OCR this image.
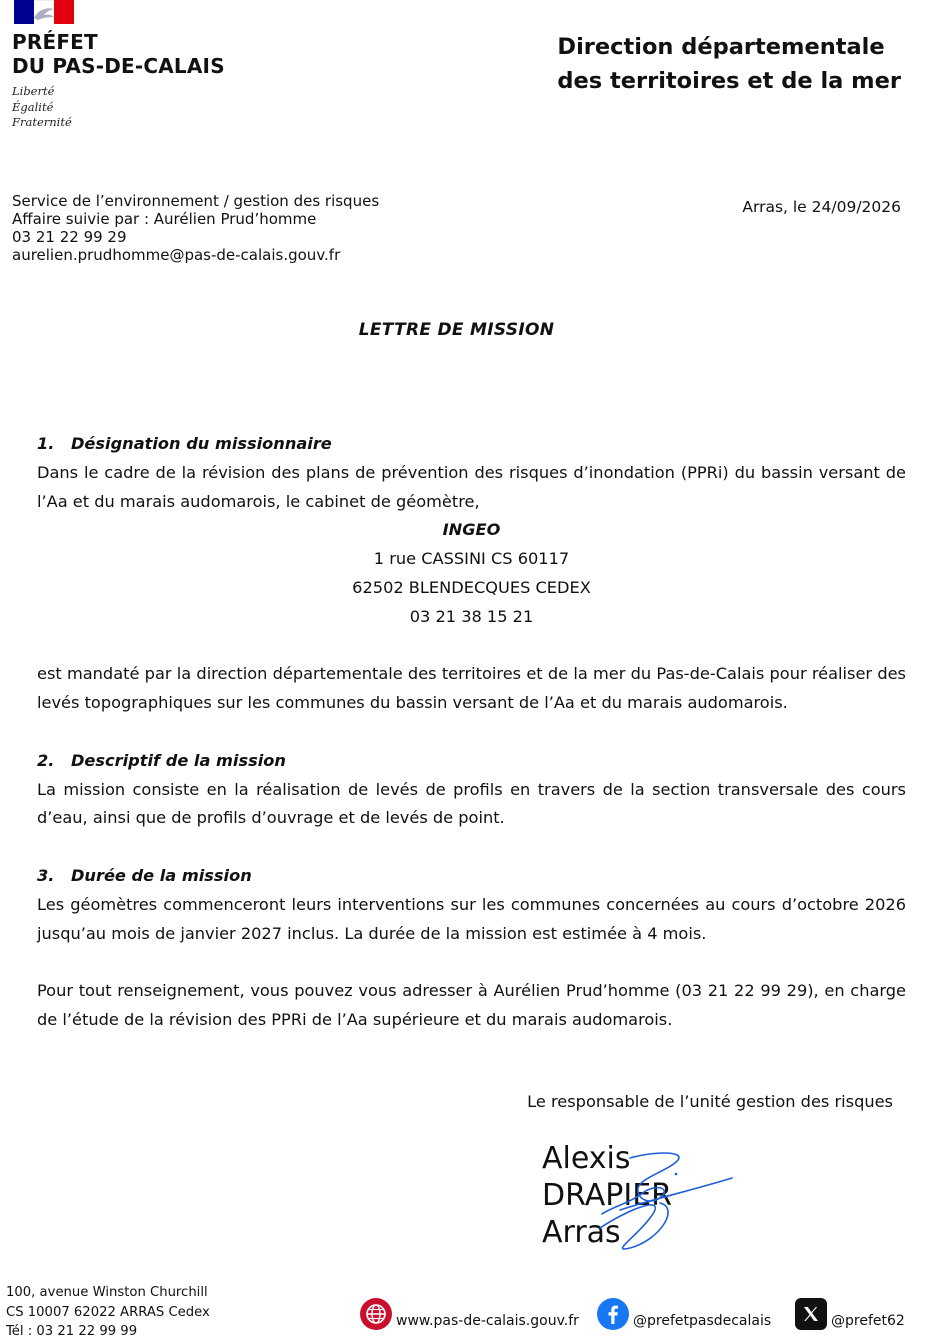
PRÉFET
DU PAS-DE-CALAIS
Liberté
Égalité
Fraternité
Direction départementale
des territoires et de la mer
Service de l’environnement / gestion des risques
Affaire suivie par : Aurélien Prud’homme
03 21 22 99 29
aurelien.prudhomme@pas-de-calais.gouv.fr
Arras, le 24/09/2026
LETTRE DE MISSION
1. Désignation du missionnaire

Dans le cadre de la révision des plans de prévention des risques d’inondation (PPRi) du bassin versant de l’Aa et du marais audomarois, le cabinet de géomètre,

INGEO

1 rue CASSINI CS 60117

62502 BLENDECQUES CEDEX

03 21 38 15 21

est mandaté par la direction départementale des territoires et de la mer du Pas-de-Calais pour réaliser des levés topographiques sur les communes du bassin versant de l’Aa et du marais audomarois.

2. Descriptif de la mission

La mission consiste en la réalisation de levés de profils en travers de la section transversale des cours d’eau, ainsi que de profils d’ouvrage et de levés de point.

3. Durée de la mission

Les géomètres commenceront leurs interventions sur les communes concernées au cours d’octobre 2026 jusqu’au mois de janvier 2027 inclus. La durée de la mission est estimée à 4 mois.

Pour tout renseignement, vous pouvez vous adresser à Aurélien Prud’homme (03 21 22 99 29), en charge de l’étude de la révision des PPRi de l’Aa supérieure et du marais audomarois.

Le responsable de l’unité gestion des risques
Alexis
DRAPIER
Arras
100, avenue Winston Churchill
CS 10007 62022 ARRAS Cedex
Tél : 03 21 22 99 99
www.pas-de-calais.gouv.fr	@prefetpasdecalais	@prefet62
